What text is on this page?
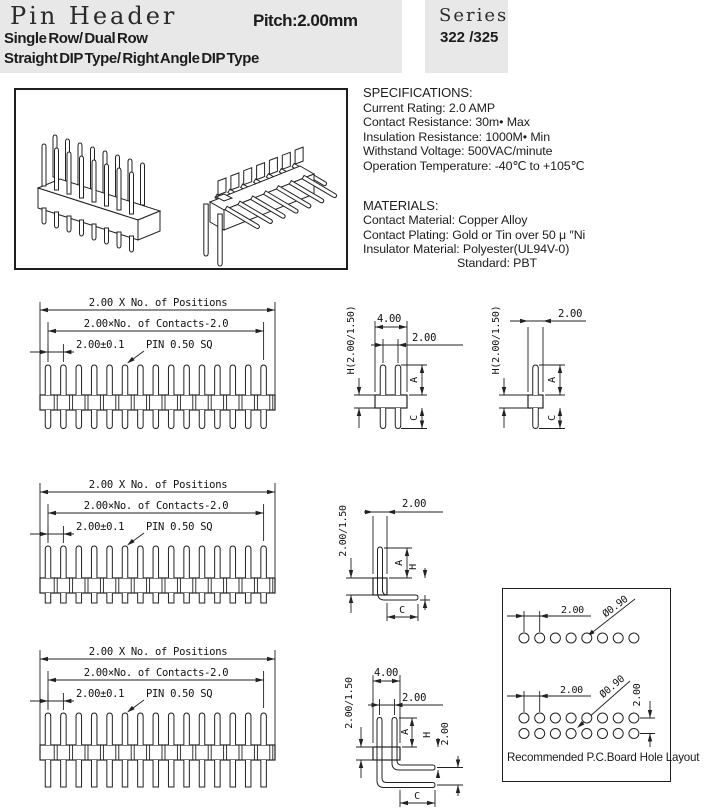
Pin Header	Pitch:2.00mm
Single Row/ Dual Row
Straight DIP Type/ Right Angle DIP Type
Series
322 /325
SPECIFICATIONS:
Current Rating: 2.0 AMP
Contact Resistance: 30m• Max
Insulation Resistance: 1000M• Min
Withstand Voltage: 500VAC/minute
Operation Temperature: -40℃ to +105℃
MATERIALS:
Contact Material: Copper Alloy
Contact Plating: Gold or Tin over 50 μ ″Ni
Insulator Material: Polyester(UL94V-0)
Standard: PBT
2.00 X No. of Positions
2.00×No. of Contacts-2.0
2.00±0.1 PIN 0.50 SQ	H(2.00/1.50) 4.00
2.00
A
C
H(2.00/1.50)	2.00
A
C
2.00 X No. of Positions
2.00×No. of Contacts-2.0
2.00±0.1 PIN 0.50 SQ
2.00
2.00/1.50
A
H
C
2.00 X No. of Positions
2.00×No. of Contacts-2.0
2.00±0.1 PIN 0.50 SQ
4.00
2.00
2.00/1.50
A
H 2.00
C
2.00 Ø0.90
2.00 Ø0.90 2.00
Recommended P.C.Board Hole Layout
